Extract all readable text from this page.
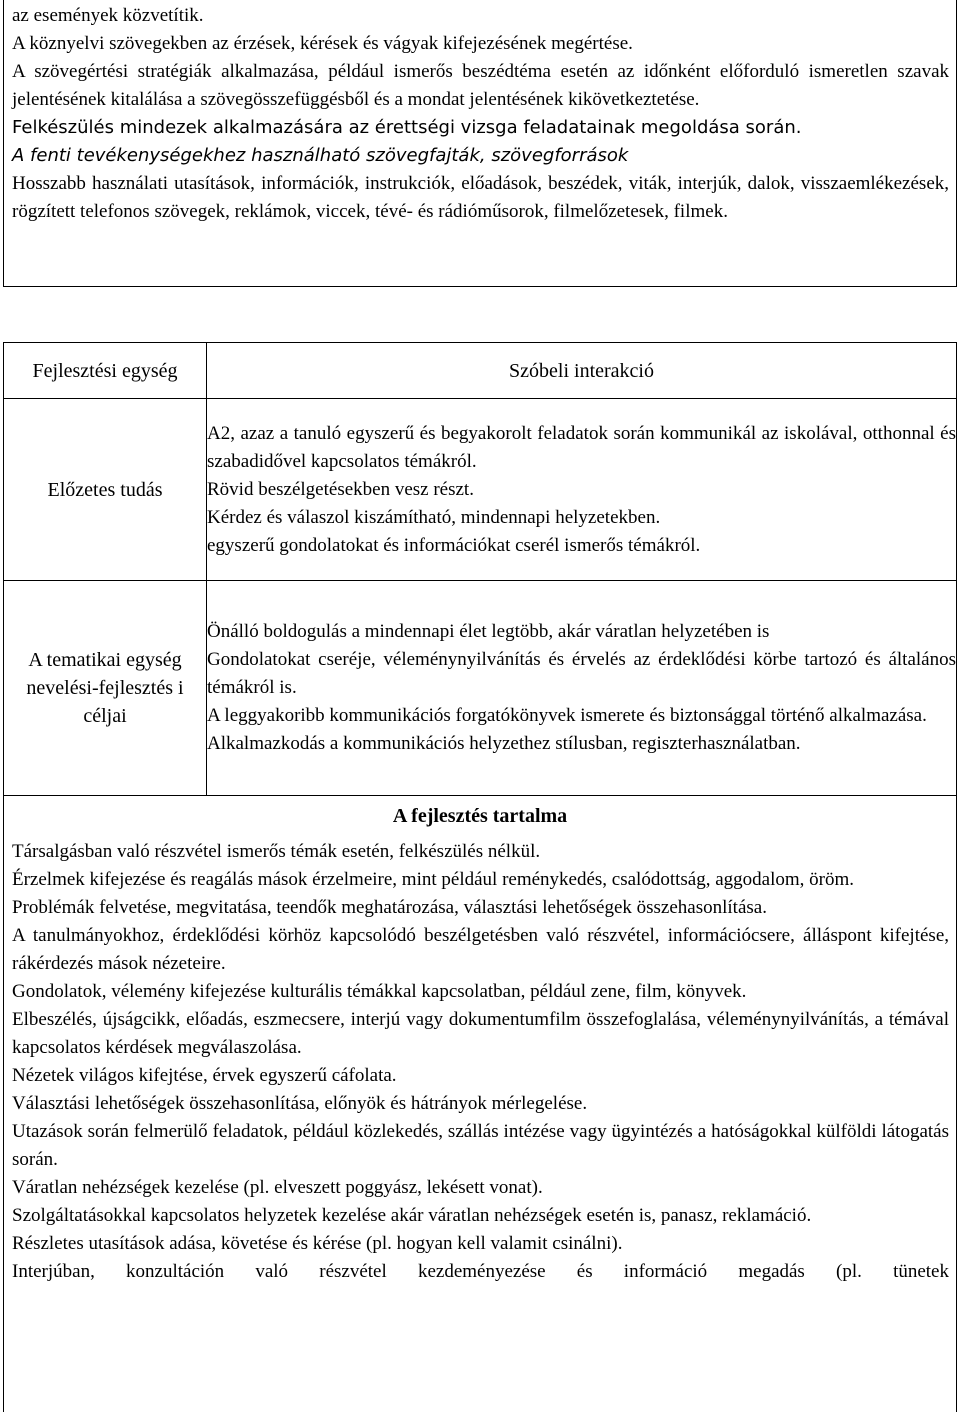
az események közvetítik.

A köznyelvi szövegekben az érzések, kérések és vágyak kifejezésének megértése.

A szövegértési stratégiák alkalmazása, például ismerős beszédtéma esetén az időnként előforduló ismeretlen szavak jelentésének kitalálása a szövegösszefüggésből és a mondat jelentésének kikövetkeztetése.

Felkészülés mindezek alkalmazására az érettségi vizsga feladatainak megoldása során.

A fenti tevékenységekhez használható szövegfajták, szövegforrások

Hosszabb használati utasítások, információk, instrukciók, előadások, beszédek, viták, interjúk, dalok, visszaemlékezések, rögzített telefonos szövegek, reklámok, viccek, tévé- és rádióműsorok, filmelőzetesek, filmek.

Fejlesztési egység	Szóbeli interakció
Előzetes tudás	A2, azaz a tanuló egyszerű és begyakorolt feladatok során kommunikál az iskolával, otthonnal és szabadidővel kapcsolatos témákról.

Rövid beszélgetésekben vesz részt.

Kérdez és válaszol kiszámítható, mindennapi helyzetekben.

egyszerű gondolatokat és információkat cserél ismerős témákról.

A tematikai egység nevelési-fejlesztés i céljai	Önálló boldogulás a mindennapi élet legtöbb, akár váratlan helyzetében is

Gondolatokat cseréje, véleménynyilvánítás és érvelés az érdeklődési körbe tartozó és általános témákról is.

A leggyakoribb kommunikációs forgatókönyvek ismerete és biztonsággal történő alkalmazása.

Alkalmazkodás a kommunikációs helyzethez stílusban, regiszterhasználatban.

A fejlesztés tartalma

Társalgásban való részvétel ismerős témák esetén, felkészülés nélkül.

Érzelmek kifejezése és reagálás mások érzelmeire, mint például reménykedés, csalódottság, aggodalom, öröm.

Problémák felvetése, megvitatása, teendők meghatározása, választási lehetőségek összehasonlítása.

A tanulmányokhoz, érdeklődési körhöz kapcsolódó beszélgetésben való részvétel, információcsere, álláspont kifejtése, rákérdezés mások nézeteire.

Gondolatok, vélemény kifejezése kulturális témákkal kapcsolatban, például zene, film, könyvek.

Elbeszélés, újságcikk, előadás, eszmecsere, interjú vagy dokumentumfilm összefoglalása, véleménynyilvánítás, a témával kapcsolatos kérdések megválaszolása.

Nézetek világos kifejtése, érvek egyszerű cáfolata.

Választási lehetőségek összehasonlítása, előnyök és hátrányok mérlegelése.

Utazások során felmerülő feladatok, például közlekedés, szállás intézése vagy ügyintézés a hatóságokkal külföldi látogatás során.

Váratlan nehézségek kezelése (pl. elveszett poggyász, lekésett vonat).

Szolgáltatásokkal kapcsolatos helyzetek kezelése akár váratlan nehézségek esetén is, panasz, reklamáció.

Részletes utasítások adása, követése és kérése (pl. hogyan kell valamit csinálni).

Interjúban, konzultáción való részvétel kezdeményezése és információ megadás (pl. tünetek
